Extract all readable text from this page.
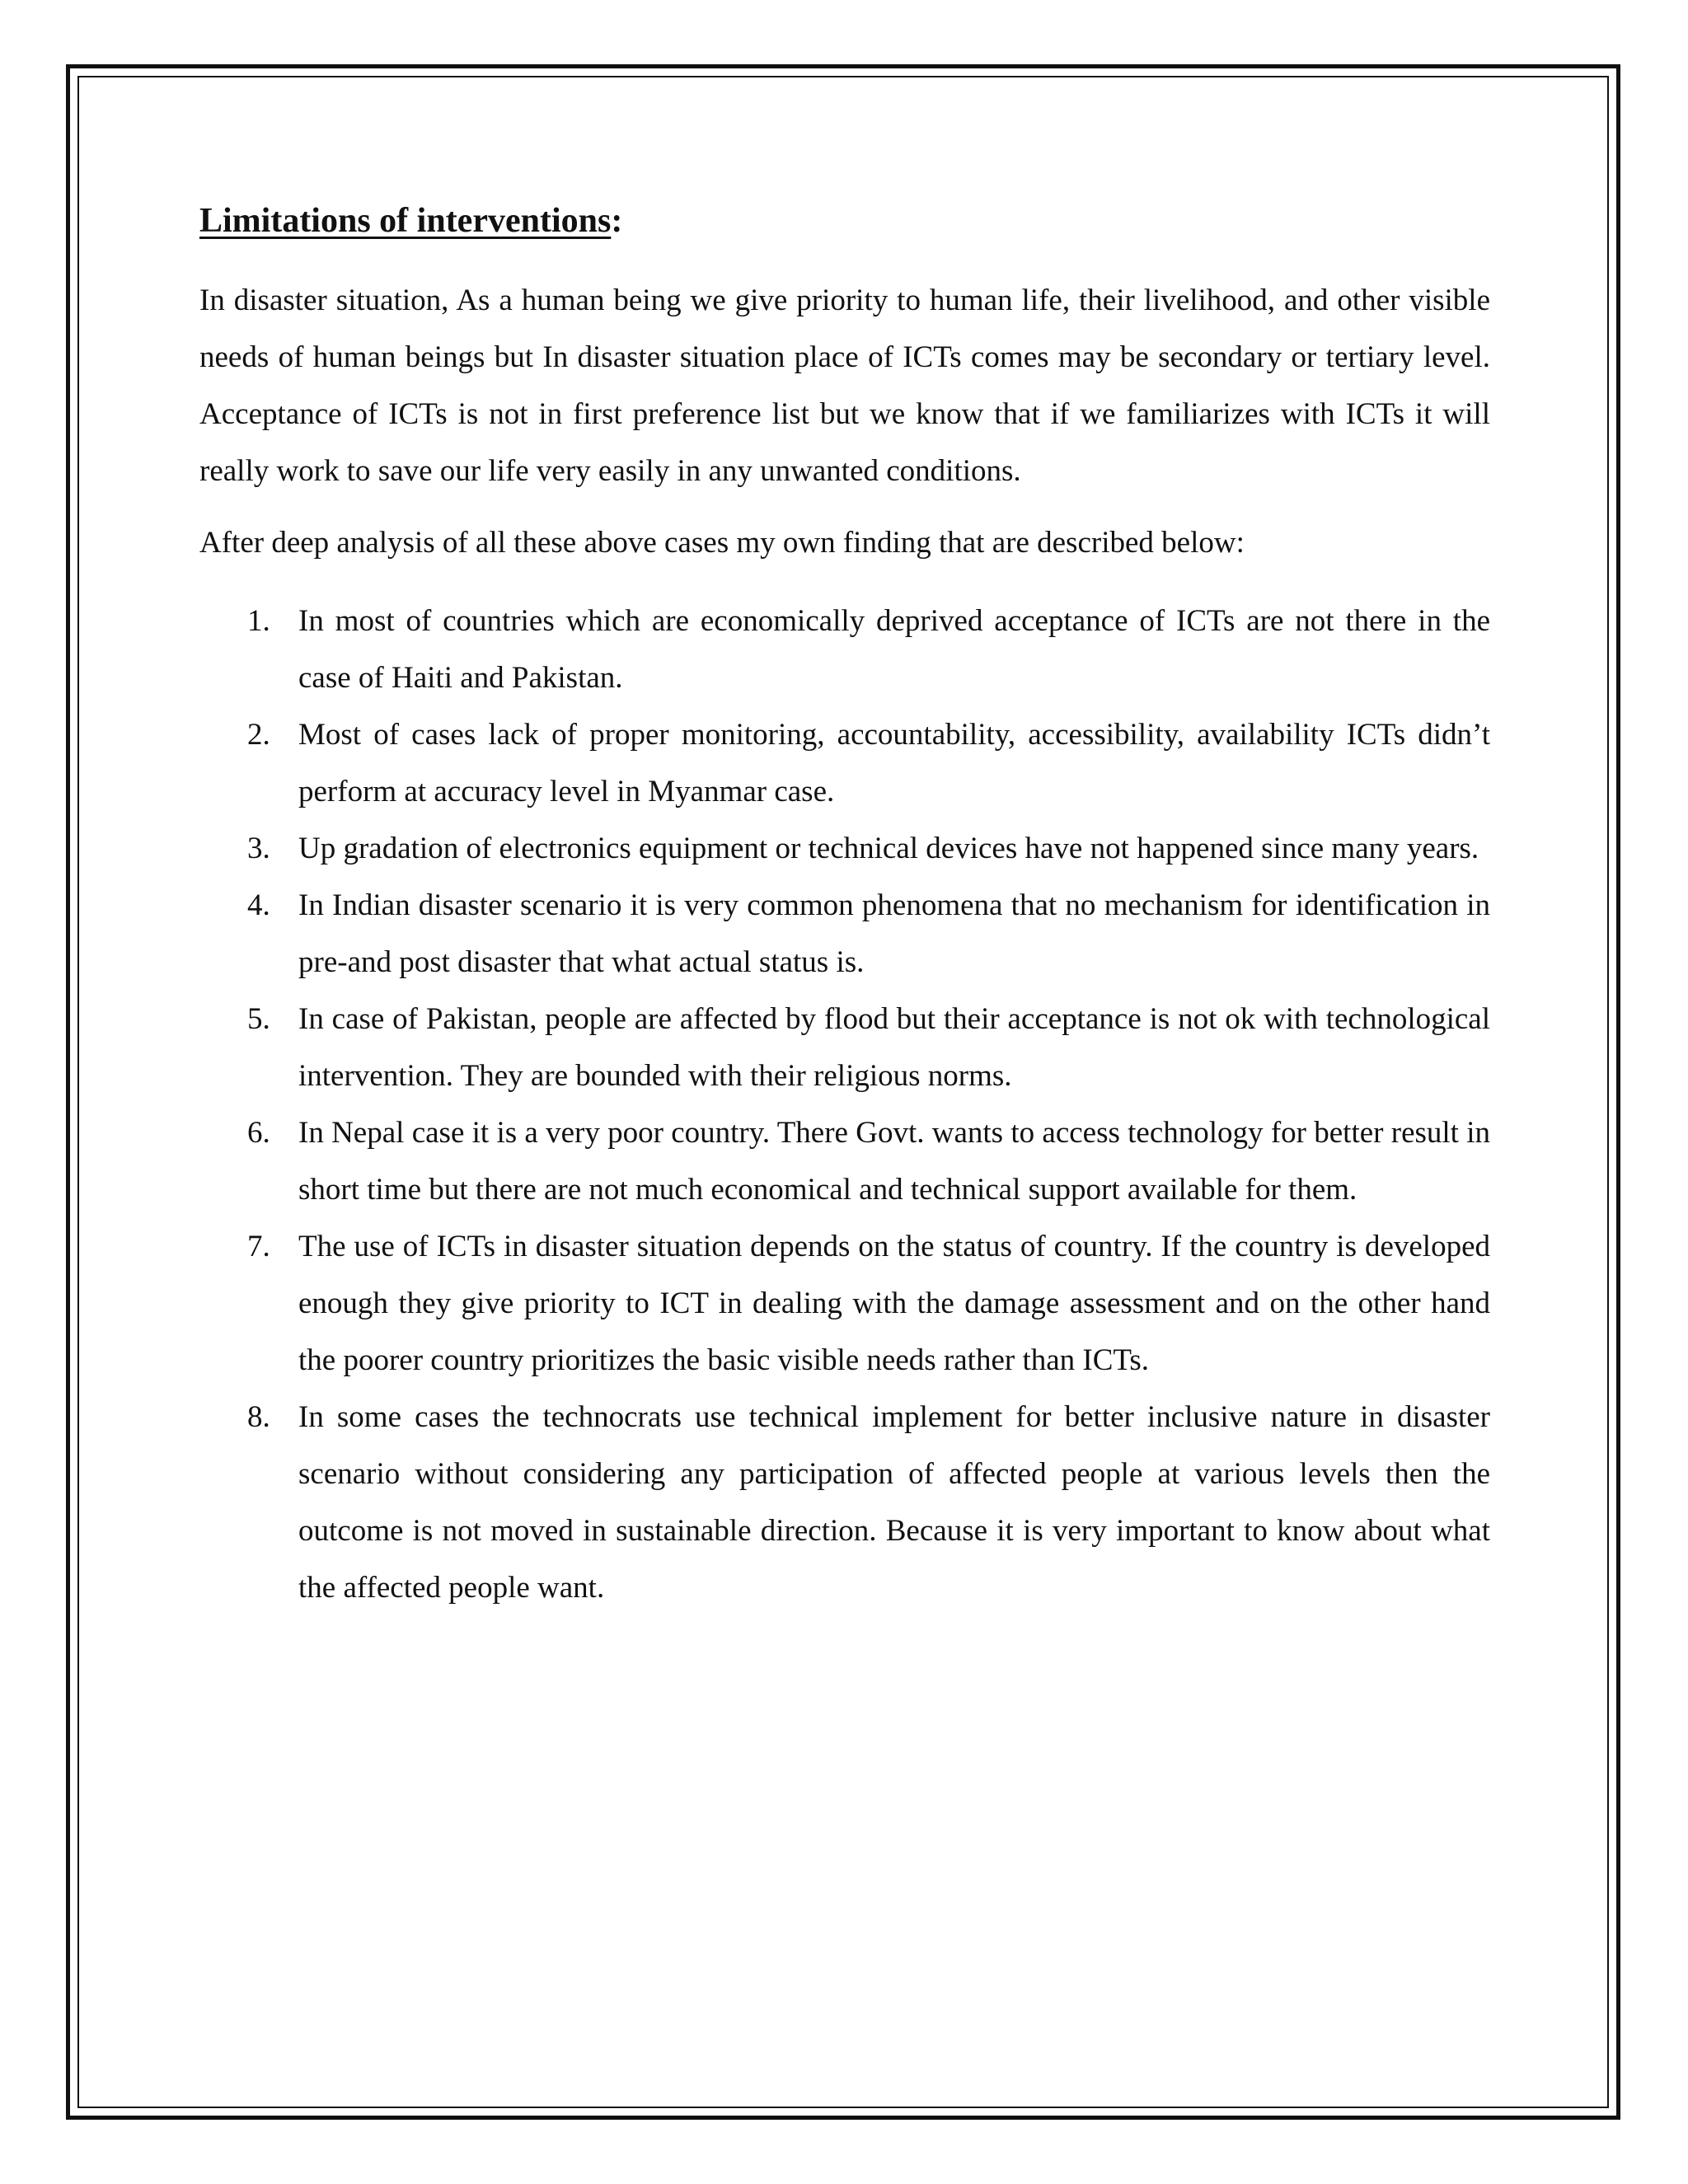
Limitations of interventions:

In disaster situation, As a human being we give priority to human life, their livelihood, and other visible needs of human beings but In disaster situation place of ICTs comes may be secondary or tertiary level. Acceptance of ICTs is not in first preference list but we know that if we familiarizes with ICTs it will really work to save our life very easily in any unwanted conditions.

After deep analysis of all these above cases my own finding that are described below:

1. In most of countries which are economically deprived acceptance of ICTs are not there in the case of Haiti and Pakistan.
2. Most of cases lack of proper monitoring, accountability, accessibility, availability ICTs didn’t perform at accuracy level in Myanmar case.
3. Up gradation of electronics equipment or technical devices have not happened since many years.
4. In Indian disaster scenario it is very common phenomena that no mechanism for identification in pre-and post disaster that what actual status is.
5. In case of Pakistan, people are affected by flood but their acceptance is not ok with technological intervention. They are bounded with their religious norms.
6. In Nepal case it is a very poor country. There Govt. wants to access technology for better result in short time but there are not much economical and technical support available for them.
7. The use of ICTs in disaster situation depends on the status of country. If the country is developed enough they give priority to ICT in dealing with the damage assessment and on the other hand the poorer country prioritizes the basic visible needs rather than ICTs.
8. In some cases the technocrats use technical implement for better inclusive nature in disaster scenario without considering any participation of affected people at various levels then the outcome is not moved in sustainable direction. Because it is very important to know about what the affected people want.
